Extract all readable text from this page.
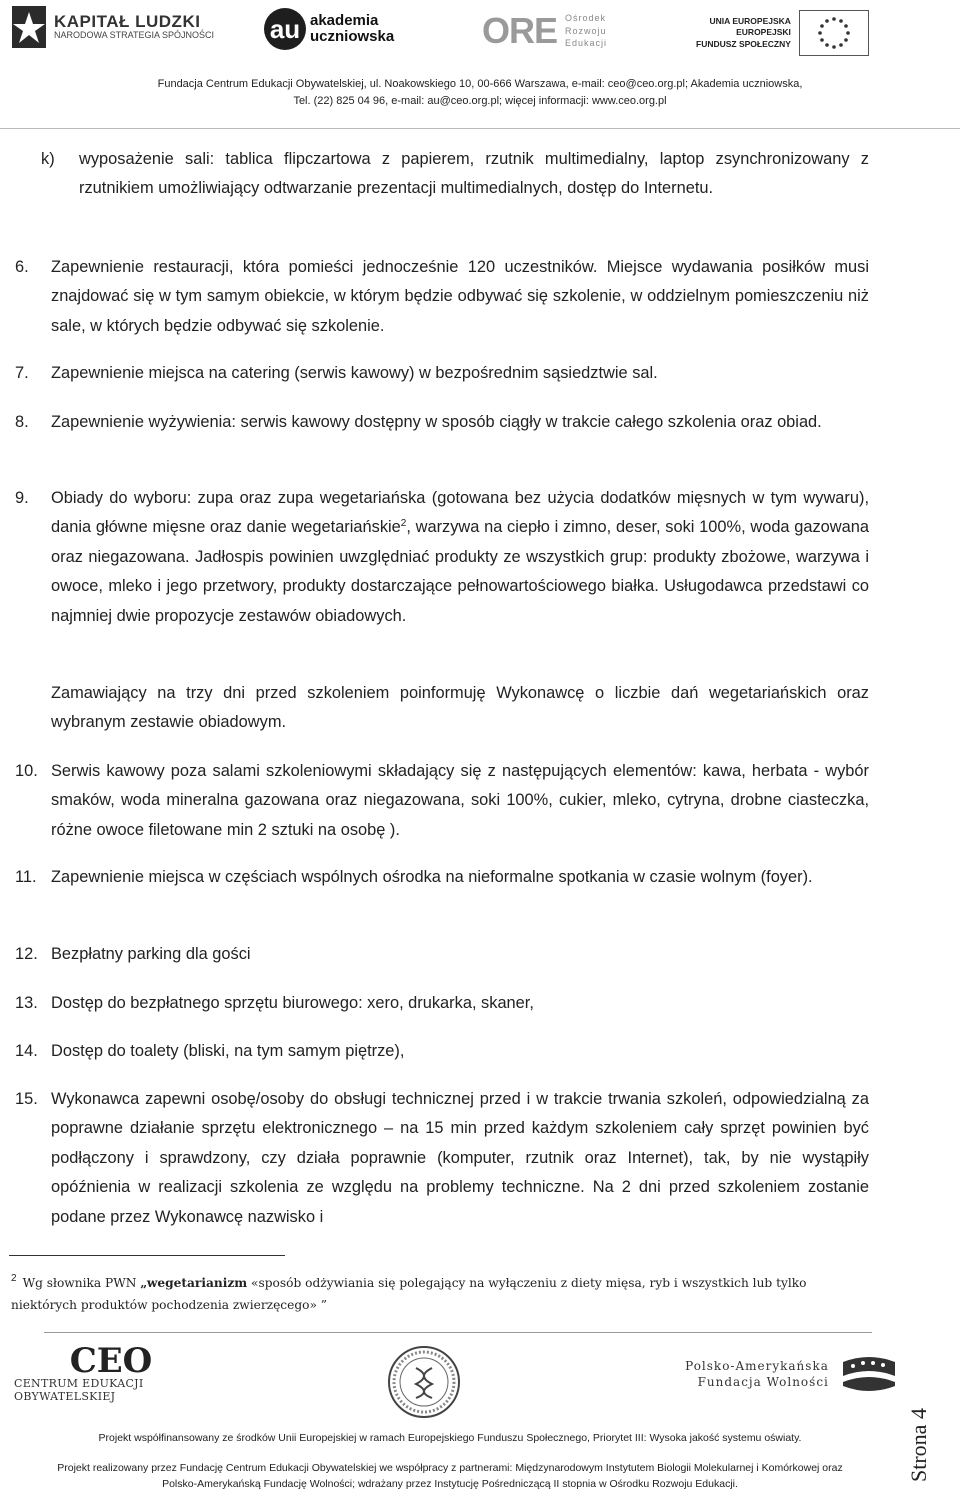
KAPITAŁ LUDZKI
NARODOWA STRATEGIA SPÓJNOŚCI au akademia
uczniowska ORE Ośrodek
Rozwoju
Edukacji
UNIA EUROPEJSKA
EUROPEJSKI
FUNDUSZ SPOŁECZNY
Fundacja Centrum Edukacji Obywatelskiej, ul. Noakowskiego 10, 00-666 Warszawa, e-mail: ceo@ceo.org.pl; Akademia uczniowska,
Tel. (22) 825 04 96, e-mail: au@ceo.org.pl; więcej informacji: www.ceo.org.pl

k) wyposażenie sali: tablica flipczartowa z papierem, rzutnik multimedialny, laptop zsynchronizowany z rzutnikiem umożliwiający odtwarzanie prezentacji multimedialnych, dostęp do Internetu.

6. Zapewnienie restauracji, która pomieści jednocześnie 120 uczestników. Miejsce wydawania posiłków musi znajdować się w tym samym obiekcie, w którym będzie odbywać się szkolenie, w oddzielnym pomieszczeniu niż sale, w których będzie odbywać się szkolenie.

7. Zapewnienie miejsca na catering (serwis kawowy) w bezpośrednim sąsiedztwie sal.

8. Zapewnienie wyżywienia: serwis kawowy dostępny w sposób ciągły w trakcie całego szkolenia oraz obiad.

9. Obiady do wyboru: zupa oraz zupa wegetariańska (gotowana bez użycia dodatków mięsnych w tym wywaru), dania główne mięsne oraz danie wegetariańskie$^2$, warzywa na ciepło i zimno, deser, soki 100%, woda gazowana oraz niegazowana. Jadłospis powinien uwzględniać produkty ze wszystkich grup: produkty zbożowe, warzywa i owoce, mleko i jego przetwory, produkty dostarczające pełnowartościowego białka. Usługodawca przedstawi co najmniej dwie propozycje zestawów obiadowych.

Zamawiający na trzy dni przed szkoleniem poinformuję Wykonawcę o liczbie dań wegetariańskich oraz wybranym zestawie obiadowym.

10. Serwis kawowy poza salami szkoleniowymi składający się z następujących elementów: kawa, herbata - wybór smaków, woda mineralna gazowana oraz niegazowana, soki 100%, cukier, mleko, cytryna, drobne ciasteczka, różne owoce filetowane min 2 sztuki na osobę ).

11. Zapewnienie miejsca w częściach wspólnych ośrodka na nieformalne spotkania w czasie wolnym (foyer).

12. Bezpłatny parking dla gości

13. Dostęp do bezpłatnego sprzętu biurowego: xero, drukarka, skaner,

14. Dostęp do toalety (bliski, na tym samym piętrze),

15. Wykonawca zapewni osobę/osoby do obsługi technicznej przed i w trakcie trwania szkoleń, odpowiedzialną za poprawne działanie sprzętu elektronicznego – na 15 min przed każdym szkoleniem cały sprzęt powinien być podłączony i sprawdzony, czy działa poprawnie (komputer, rzutnik oraz Internet), tak, by nie wystąpiły opóźnienia w realizacji szkolenia ze względu na problemy techniczne. Na 2 dni przed szkoleniem zostanie podane przez Wykonawcę nazwisko i

$^2$ Wg słownika PWN „wegetarianizm «sposób odżywiania się polegający na wyłączeniu z diety mięsa, ryb i wszystkich lub tylko niektórych produktów pochodzenia zwierzęcego» ”
CEO
CENTRUM EDUKACJI OBYWATELSKIEJ
Polsko-Amerykańska
Fundacja Wolności
Projekt współfinansowany ze środków Unii Europejskiej w ramach Europejskiego Funduszu Społecznego, Priorytet III: Wysoka jakość systemu oświaty.
Projekt realizowany przez Fundację Centrum Edukacji Obywatelskiej we współpracy z partnerami: Międzynarodowym Instytutem Biologii Molekularnej i Komórkowej oraz
Polsko-Amerykańską Fundację Wolności; wdrażany przez Instytucję Pośredniczącą II stopnia w Ośrodku Rozwoju Edukacji.
Strona 4
